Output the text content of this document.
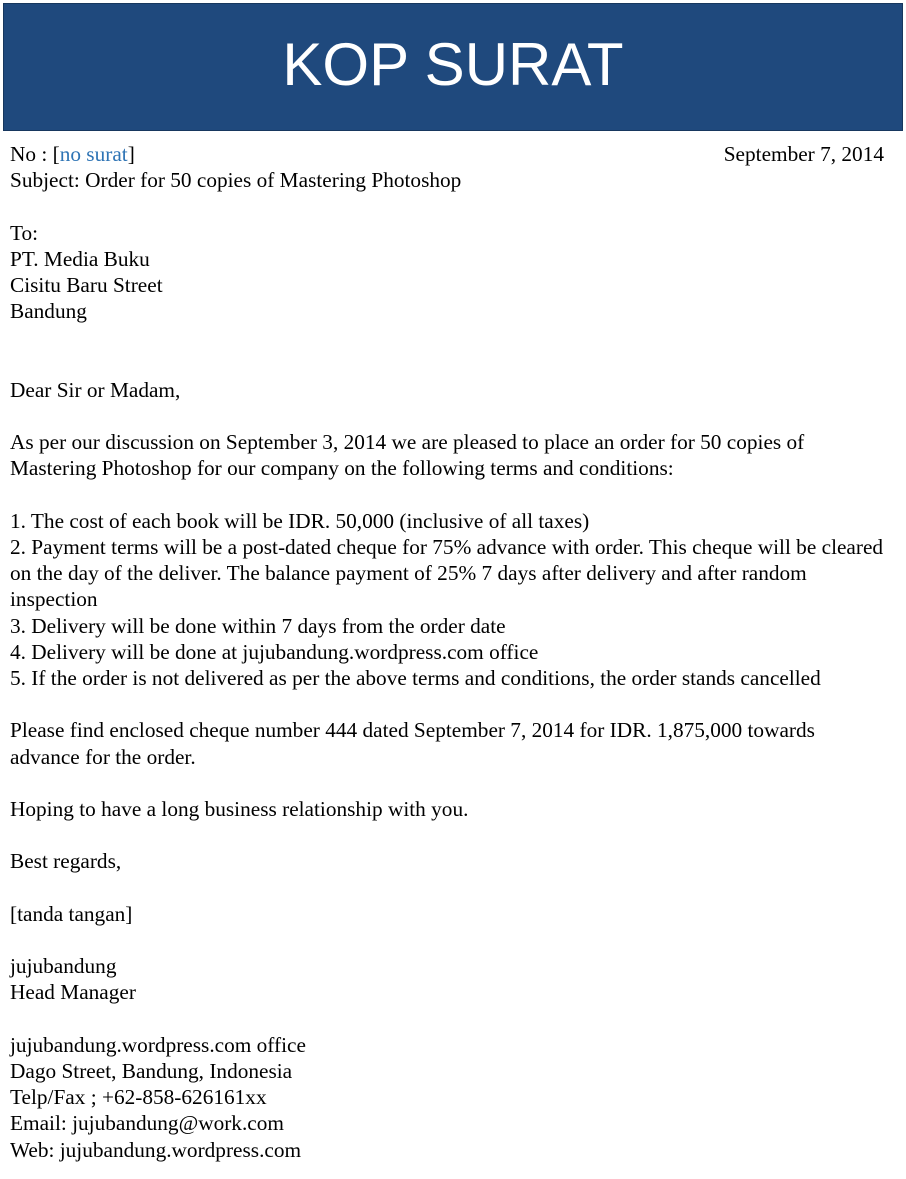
KOP SURAT
No : [no surat]	September 7, 2014
Subject: Order for 50 copies of Mastering Photoshop
To:
PT. Media Buku
Cisitu Baru Street
Bandung
Dear Sir or Madam,
As per our discussion on September 3, 2014 we are pleased to place an order for 50 copies of Mastering Photoshop for our company on the following terms and conditions:
1. The cost of each book will be IDR. 50,000 (inclusive of all taxes)
2. Payment terms will be a post-dated cheque for 75% advance with order. This cheque will be cleared on the day of the deliver. The balance payment of 25% 7 days after delivery and after random inspection
3. Delivery will be done within 7 days from the order date
4. Delivery will be done at jujubandung.wordpress.com office
5. If the order is not delivered as per the above terms and conditions, the order stands cancelled
Please find enclosed cheque number 444 dated September 7, 2014 for IDR. 1,875,000 towards advance for the order.
Hoping to have a long business relationship with you.
Best regards,
[tanda tangan]
jujubandung
Head Manager
jujubandung.wordpress.com office
Dago Street, Bandung, Indonesia
Telp/Fax ; +62-858-626161xx
Email: jujubandung@work.com
Web: jujubandung.wordpress.com
